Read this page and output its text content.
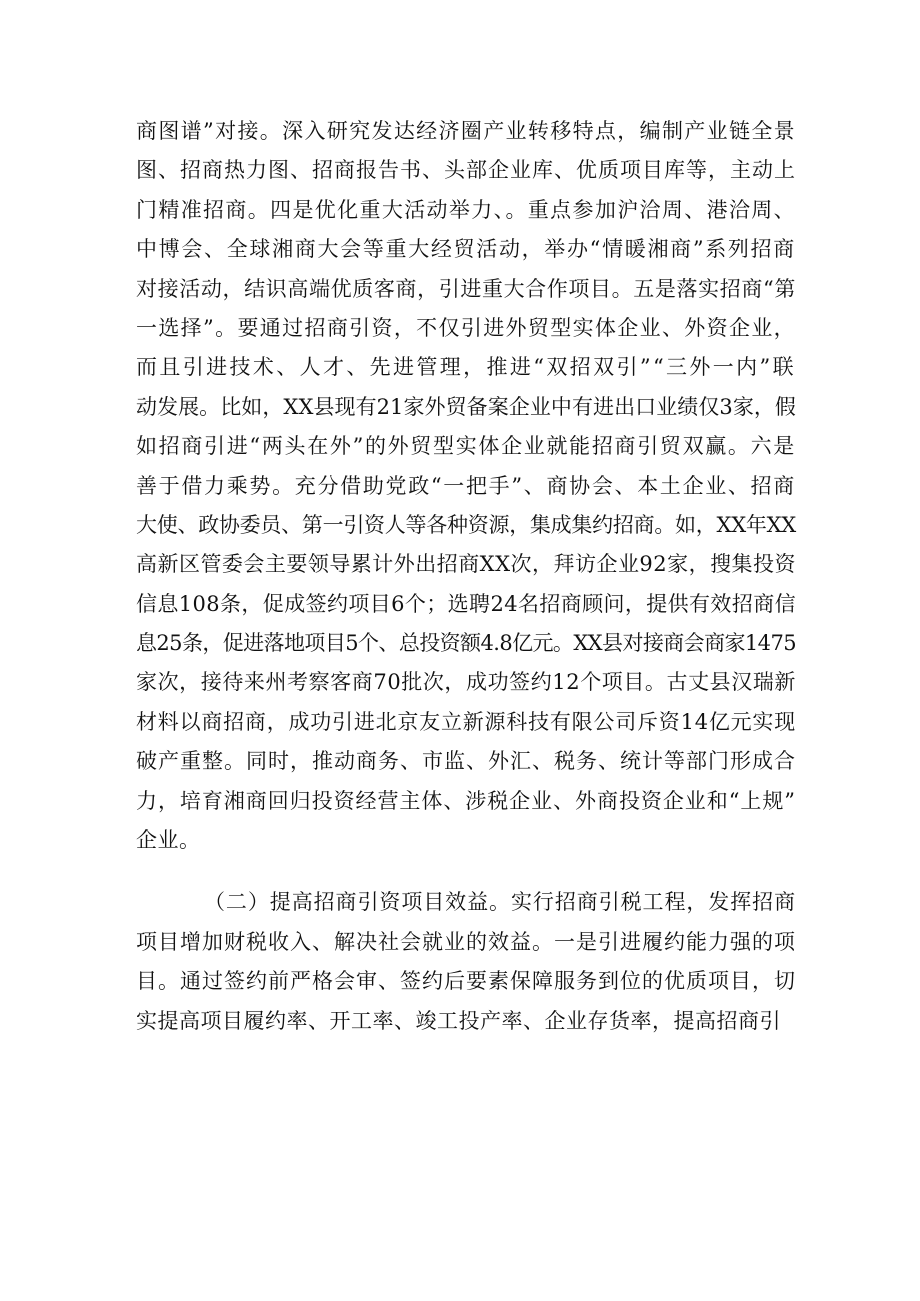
商图谱”对接。深入研究发达经济圈产业转移特点，编制产业链全景
图、招商热力图、招商报告书、头部企业库、优质项目库等，主动上
门精准招商。四是优化重大活动举力、。重点参加沪洽周、港洽周、
中博会、全球湘商大会等重大经贸活动，举办“情暖湘商”系列招商
对接活动，结识高端优质客商，引进重大合作项目。五是落实招商“第
一选择”。要通过招商引资，不仅引进外贸型实体企业、外资企业，
而且引进技术、人才、先进管理，推进“双招双引”“三外一内”联
动发展。比如，XX县现有21家外贸备案企业中有进出口业绩仅3家，假
如招商引进“两头在外”的外贸型实体企业就能招商引贸双赢。六是
善于借力乘势。充分借助党政“一把手”、商协会、本土企业、招商
大使、政协委员、第一引资人等各种资源，集成集约招商。如，XX年XX
高新区管委会主要领导累计外出招商XX次，拜访企业92家，搜集投资
信息108条，促成签约项目6个；选聘24名招商顾问，提供有效招商信
息25条，促进落地项目5个、总投资额4.8亿元。XX县对接商会商家1475
家次，接待来州考察客商70批次，成功签约12个项目。古丈县汉瑞新
材料以商招商，成功引进北京友立新源科技有限公司斥资14亿元实现
破产重整。同时，推动商务、市监、外汇、税务、统计等部门形成合
力，培育湘商回归投资经营主体、涉税企业、外商投资企业和“上规”
企业。
（二）提高招商引资项目效益。实行招商引税工程，发挥招商
项目增加财税收入、解决社会就业的效益。一是引进履约能力强的项
目。通过签约前严格会审、签约后要素保障服务到位的优质项目，切
实提高项目履约率、开工率、竣工投产率、企业存货率，提高招商引
